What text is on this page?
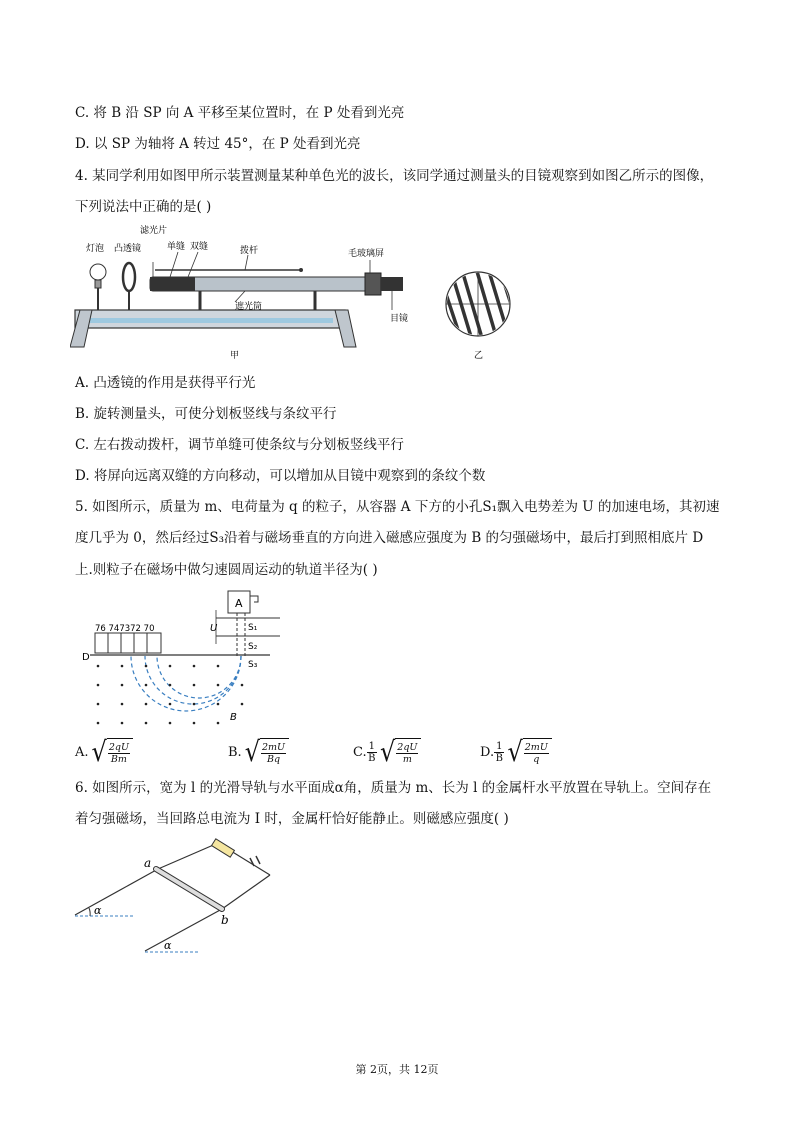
C. 将 B 沿 SP 向 A 平移至某位置时，在 P 处看到光亮
D. 以 SP 为轴将 A 转过 45°，在 P 处看到光亮
4. 某同学利用如图甲所示装置测量某种单色光的波长，该同学通过测量头的目镜观察到如图乙所示的图像，
下列说法中正确的是( )
灯泡 凸透镜
滤光片
单缝 双缝	拨杆	毛玻璃屏
遮光筒
目镜
甲	乙
A. 凸透镜的作用是获得平行光
B. 旋转测量头，可使分划板竖线与条纹平行
C. 左右拨动拨杆，调节单缝可使条纹与分划板竖线平行
D. 将屏向远离双缝的方向移动，可以增加从目镜中观察到的条纹个数
5. 如图所示，质量为 m、电荷量为 q 的粒子，从容器 A 下方的小孔S₁飘入电势差为 U 的加速电场，其初速
度几乎为 0，然后经过S₃沿着与磁场垂直的方向进入磁感应强度为 B 的匀强磁场中，最后打到照相底片 D
上.则粒子在磁场中做匀速圆周运动的轨道半径为( )
A
U	S₁
S₂
S₃
D
76 747372 70
B
A. √ $\frac{2qU}{Bm}$	B. √ $\frac{2mU}{Bq}$	C. 1
B √ $\frac{2qU}{m}$	D. 1
B √ $\frac{2mU}{q}$
6. 如图所示，宽为 l 的光滑导轨与水平面成α角，质量为 m、长为 l 的金属杆水平放置在导轨上。空间存在
着匀强磁场，当回路总电流为 I 时，金属杆恰好能静止。则磁感应强度( )
a
b
α
α
第 2页，共 12页
